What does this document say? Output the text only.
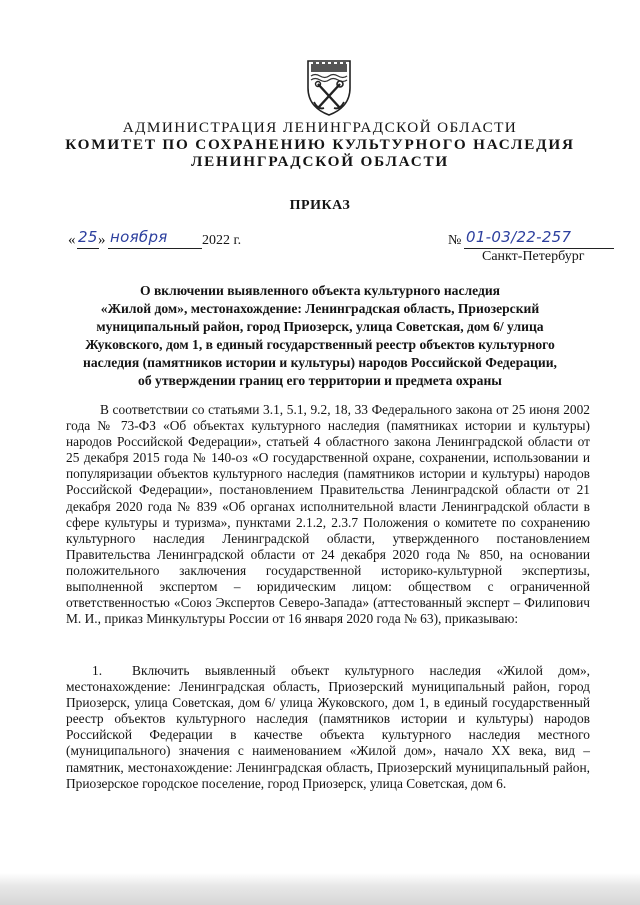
АДМИНИСТРАЦИЯ ЛЕНИНГРАДСКОЙ ОБЛАСТИ
КОМИТЕТ ПО СОХРАНЕНИЮ КУЛЬТУРНОГО НАСЛЕДИЯ
ЛЕНИНГРАДСКОЙ ОБЛАСТИ
ПРИКАЗ
« 25 » ноября 2022 г.	№ 01-03/22-257
Санкт-Петербург
О включении выявленного объекта культурного наследия
«Жилой дом», местонахождение: Ленинградская область, Приозерский
муниципальный район, город Приозерск, улица Советская, дом 6/ улица
Жуковского, дом 1, в единый государственный реестр объектов культурного
наследия (памятников истории и культуры) народов Российской Федерации,
об утверждении границ его территории и предмета охраны

В соответствии со статьями 3.1, 5.1, 9.2, 18, 33 Федерального закона от 25 июня 2002 года № 73-ФЗ «Об объектах культурного наследия (памятниках истории и культуры) народов Российской Федерации», статьей 4 областного закона Ленинградской области от 25 декабря 2015 года № 140-оз «О государственной охране, сохранении, использовании и популяризации объектов культурного наследия (памятников истории и культуры) народов Российской Федерации», постановлением Правительства Ленинградской области от 21 декабря 2020 года № 839 «Об органах исполнительной власти Ленинградской области в сфере культуры и туризма», пунктами 2.1.2, 2.3.7 Положения о комитете по сохранению культурного наследия Ленинградской области, утвержденного постановлением Правительства Ленинградской области от 24 декабря 2020 года № 850, на основании положительного заключения государственной историко-культурной экспертизы, выполненной экспертом – юридическим лицом: обществом с ограниченной ответственностью «Союз Экспертов Северо-Запада» (аттестованный эксперт – Филипович М. И., приказ Минкультуры России от 16 января 2020 года № 63), приказываю:

1. Включить выявленный объект культурного наследия «Жилой дом», местонахождение: Ленинградская область, Приозерский муниципальный район, город Приозерск, улица Советская, дом 6/ улица Жуковского, дом 1, в единый государственный реестр объектов культурного наследия (памятников истории и культуры) народов Российской Федерации в качестве объекта культурного наследия местного (муниципального) значения с наименованием «Жилой дом», начало XX века, вид – памятник, местонахождение: Ленинградская область, Приозерский муниципальный район, Приозерское городское поселение, город Приозерск, улица Советская, дом 6.
